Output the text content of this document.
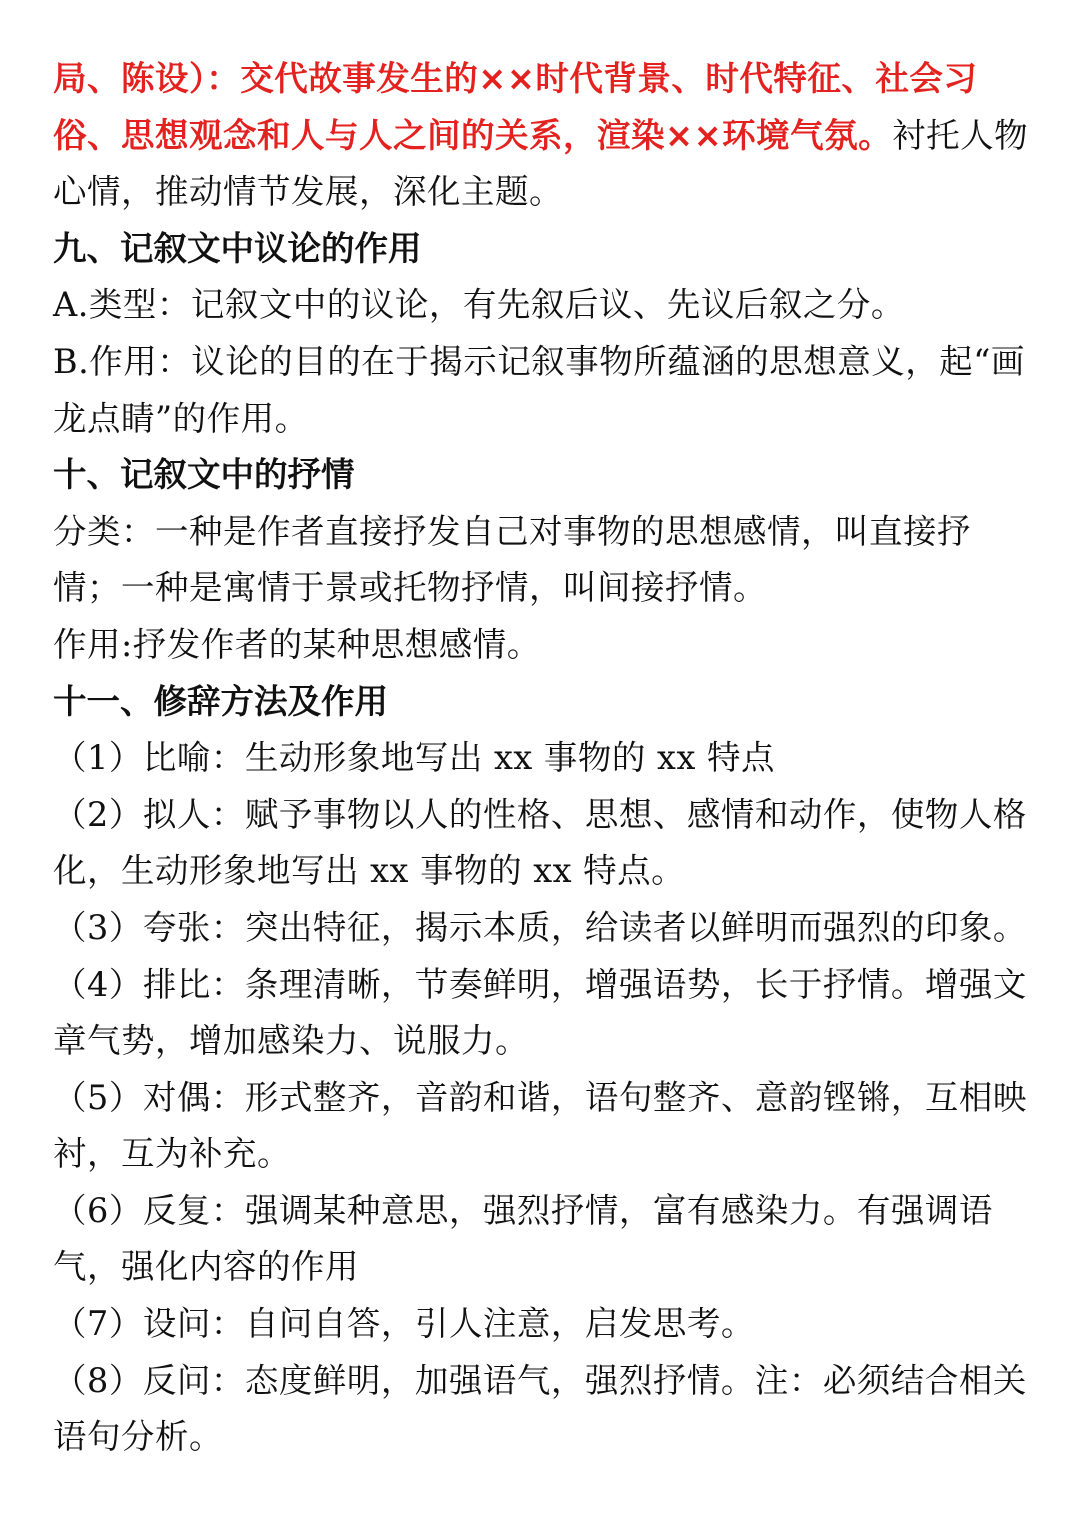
局、陈设）：交代故事发生的××时代背景、时代特征、社会习俗、思想观念和人与人之间的关系，渲染××环境气氛。衬托人物心情，推动情节发展，深化主题。

九、记叙文中议论的作用

A.类型：记叙文中的议论，有先叙后议、先议后叙之分。

B.作用：议论的目的在于揭示记叙事物所蕴涵的思想意义，起“画龙点睛”的作用。

十、记叙文中的抒情

分类：一种是作者直接抒发自己对事物的思想感情，叫直接抒情；一种是寓情于景或托物抒情，叫间接抒情。

作用:抒发作者的某种思想感情。

十一、修辞方法及作用

（1）比喻：生动形象地写出 xx 事物的 xx 特点

（2）拟人：赋予事物以人的性格、思想、感情和动作，使物人格化，生动形象地写出 xx 事物的 xx 特点。

（3）夸张：突出特征，揭示本质，给读者以鲜明而强烈的印象。

（4）排比：条理清晰，节奏鲜明，增强语势，长于抒情。增强文章气势，增加感染力、说服力。

（5）对偶：形式整齐，音韵和谐，语句整齐、意韵铿锵，互相映衬，互为补充。

（6）反复：强调某种意思，强烈抒情，富有感染力。有强调语气，强化内容的作用

（7）设问：自问自答，引人注意，启发思考。

（8）反问：态度鲜明，加强语气，强烈抒情。注：必须结合相关语句分析。
